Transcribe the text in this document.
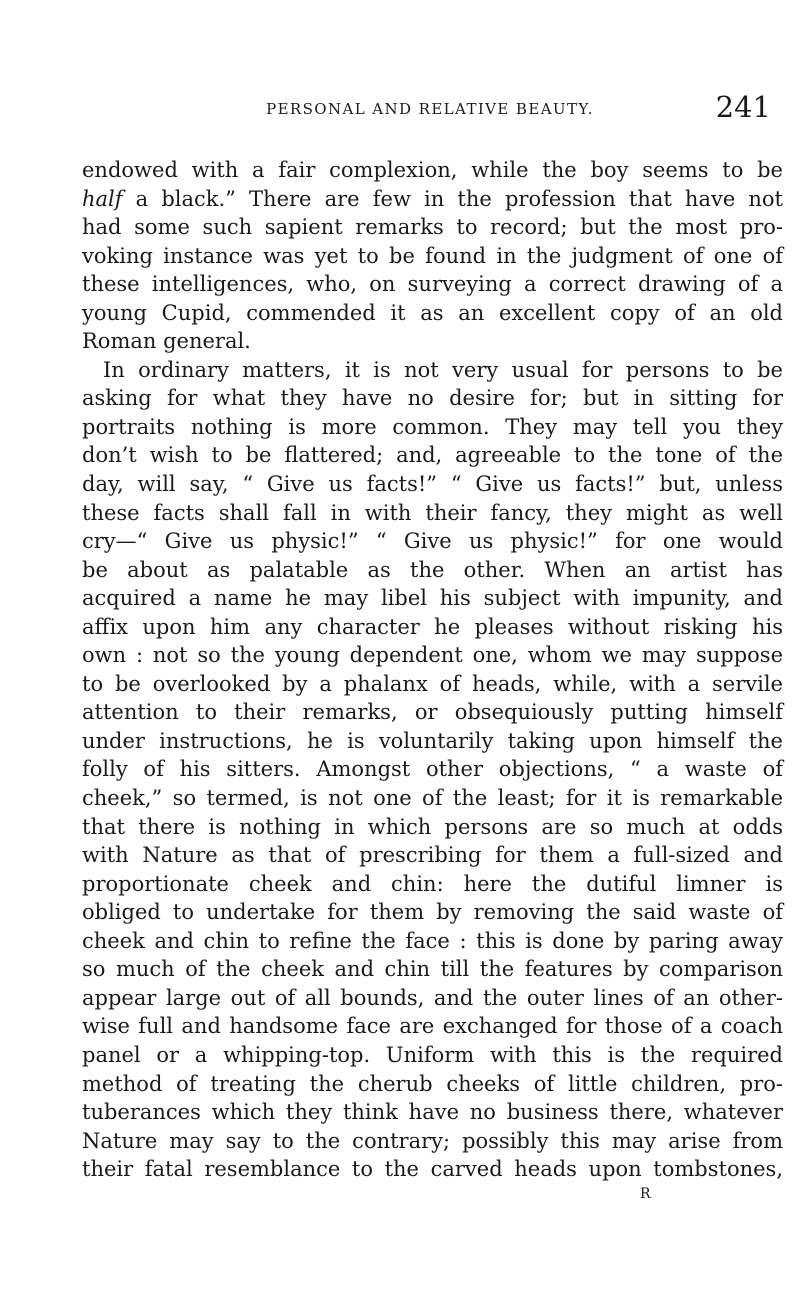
PERSONAL AND RELATIVE BEAUTY.	241
endowed with a fair complexion, while the boy seems to be
half a black.” There are few in the profession that have not
had some such sapient remarks to record; but the most pro-
voking instance was yet to be found in the judgment of one of
these intelligences, who, on surveying a correct drawing of a
young Cupid, commended it as an excellent copy of an old
Roman general.
In ordinary matters, it is not very usual for persons to be
asking for what they have no desire for; but in sitting for
portraits nothing is more common. They may tell you they
don’t wish to be flattered; and, agreeable to the tone of the
day, will say, “ Give us facts!” “ Give us facts!” but, unless
these facts shall fall in with their fancy, they might as well
cry—“ Give us physic!” “ Give us physic!” for one would
be about as palatable as the other. When an artist has
acquired a name he may libel his subject with impunity, and
affix upon him any character he pleases without risking his
own : not so the young dependent one, whom we may suppose
to be overlooked by a phalanx of heads, while, with a servile
attention to their remarks, or obsequiously putting himself
under instructions, he is voluntarily taking upon himself the
folly of his sitters. Amongst other objections, “ a waste of
cheek,” so termed, is not one of the least; for it is remarkable
that there is nothing in which persons are so much at odds
with Nature as that of prescribing for them a full-sized and
proportionate cheek and chin: here the dutiful limner is
obliged to undertake for them by removing the said waste of
cheek and chin to refine the face : this is done by paring away
so much of the cheek and chin till the features by comparison
appear large out of all bounds, and the outer lines of an other-
wise full and handsome face are exchanged for those of a coach
panel or a whipping-top. Uniform with this is the required
method of treating the cherub cheeks of little children, pro-
tuberances which they think have no business there, whatever
Nature may say to the contrary; possibly this may arise from
their fatal resemblance to the carved heads upon tombstones,
R
